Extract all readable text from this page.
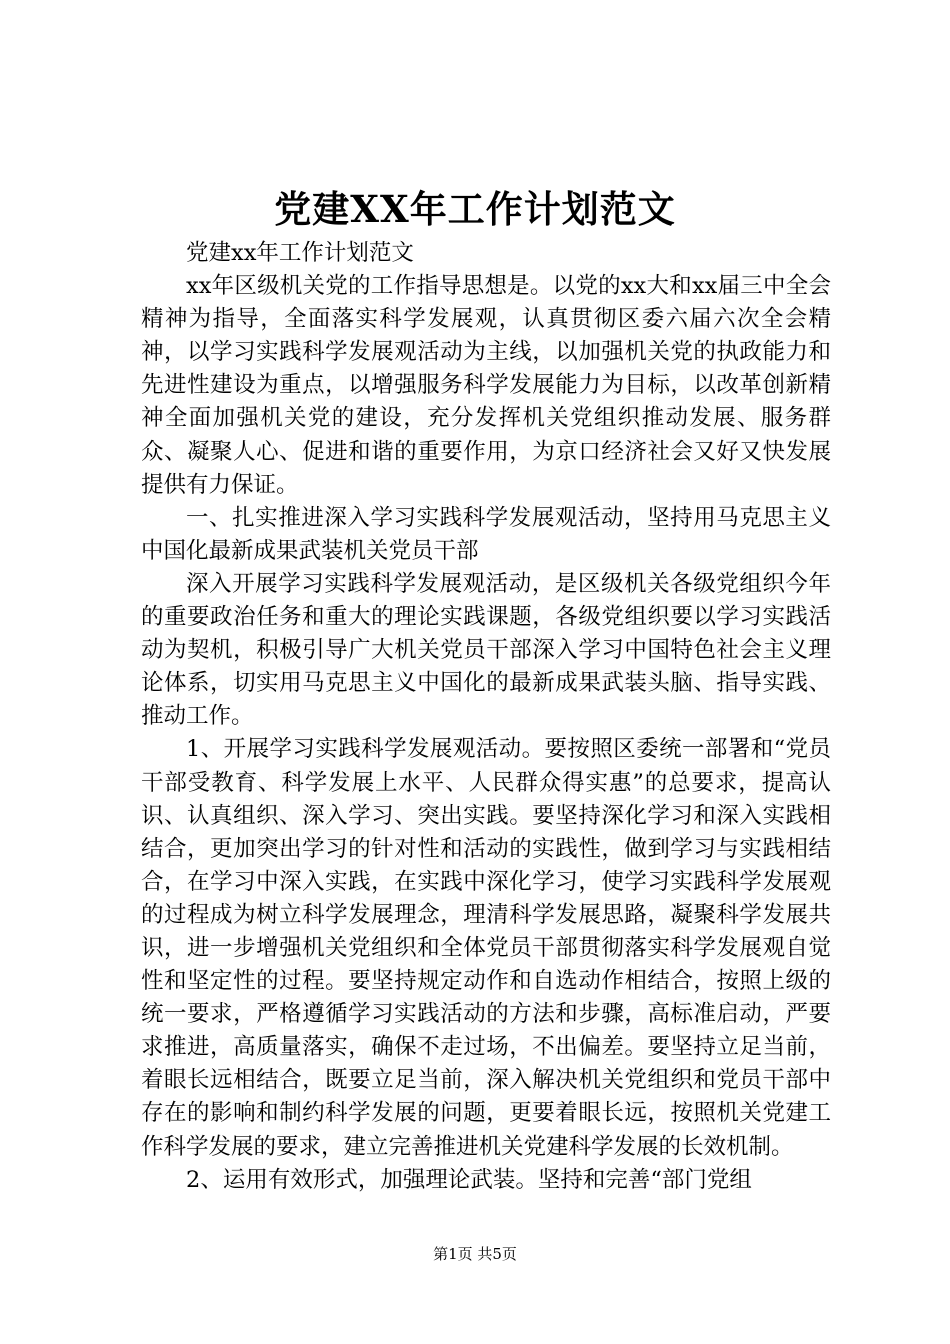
党建XX年工作计划范文

党建xx年工作计划范文

xx年区级机关党的工作指导思想是。以党的xx大和xx届三中全会精神为指导，全面落实科学发展观，认真贯彻区委六届六次全会精神，以学习实践科学发展观活动为主线，以加强机关党的执政能力和先进性建设为重点，以增强服务科学发展能力为目标，以改革创新精神全面加强机关党的建设，充分发挥机关党组织推动发展、服务群众、凝聚人心、促进和谐的重要作用，为京口经济社会又好又快发展提供有力保证。

一、扎实推进深入学习实践科学发展观活动，坚持用马克思主义中国化最新成果武装机关党员干部

深入开展学习实践科学发展观活动，是区级机关各级党组织今年的重要政治任务和重大的理论实践课题，各级党组织要以学习实践活动为契机，积极引导广大机关党员干部深入学习中国特色社会主义理论体系，切实用马克思主义中国化的最新成果武装头脑、指导实践、推动工作。

1、开展学习实践科学发展观活动。要按照区委统一部署和“党员干部受教育、科学发展上水平、人民群众得实惠”的总要求，提高认识、认真组织、深入学习、突出实践。要坚持深化学习和深入实践相结合，更加突出学习的针对性和活动的实践性，做到学习与实践相结合，在学习中深入实践，在实践中深化学习，使学习实践科学发展观的过程成为树立科学发展理念，理清科学发展思路，凝聚科学发展共识，进一步增强机关党组织和全体党员干部贯彻落实科学发展观自觉性和坚定性的过程。要坚持规定动作和自选动作相结合，按照上级的统一要求，严格遵循学习实践活动的方法和步骤，高标准启动，严要求推进，高质量落实，确保不走过场，不出偏差。要坚持立足当前，着眼长远相结合，既要立足当前，深入解决机关党组织和党员干部中存在的影响和制约科学发展的问题，更要着眼长远，按照机关党建工作科学发展的要求，建立完善推进机关党建科学发展的长效机制。

2、运用有效形式，加强理论武装。坚持和完善“部门党组

第1页 共5页
